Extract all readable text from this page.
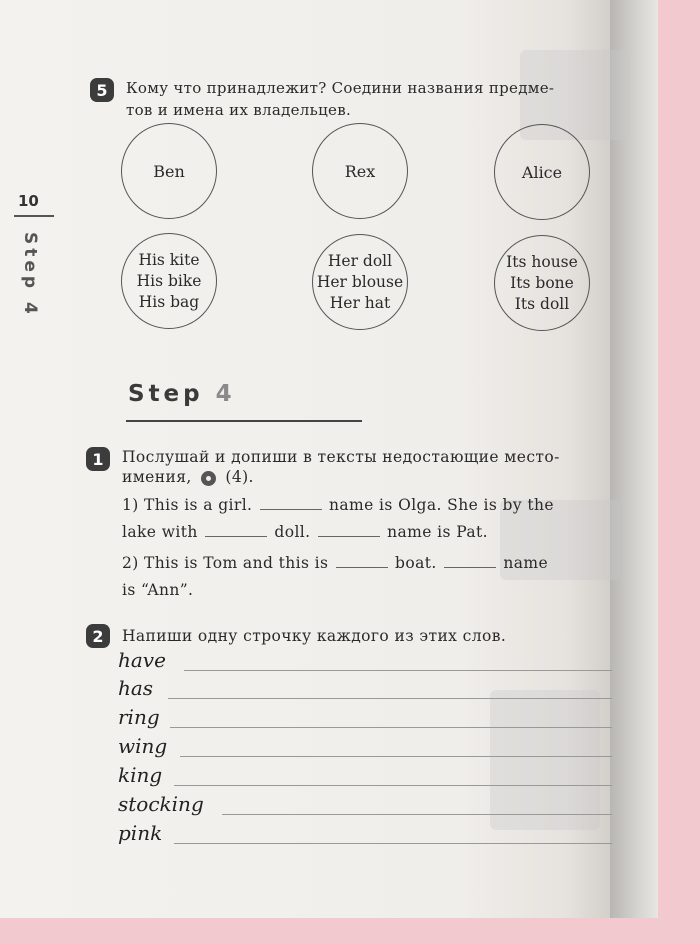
10
Step 4
5	Кому что принадлежит? Соедини названия предме-
тов и имена их владельцев.
Ben	Rex	Alice
His kite
His bike
His bag
Her doll
Her blouse
Her hat
Its house
Its bone
Its doll
Step 4
1	Послушай и допиши в тексты недостающие место-
имения, (4).
1) This is a girl.	name is Olga. She is by the
lake with	doll.	name is Pat.
2) This is Tom and this is	boat.	name
is “Ann”.
2	Напиши одну строчку каждого из этих слов.
have
has
ring
wing
king
stocking
pink
